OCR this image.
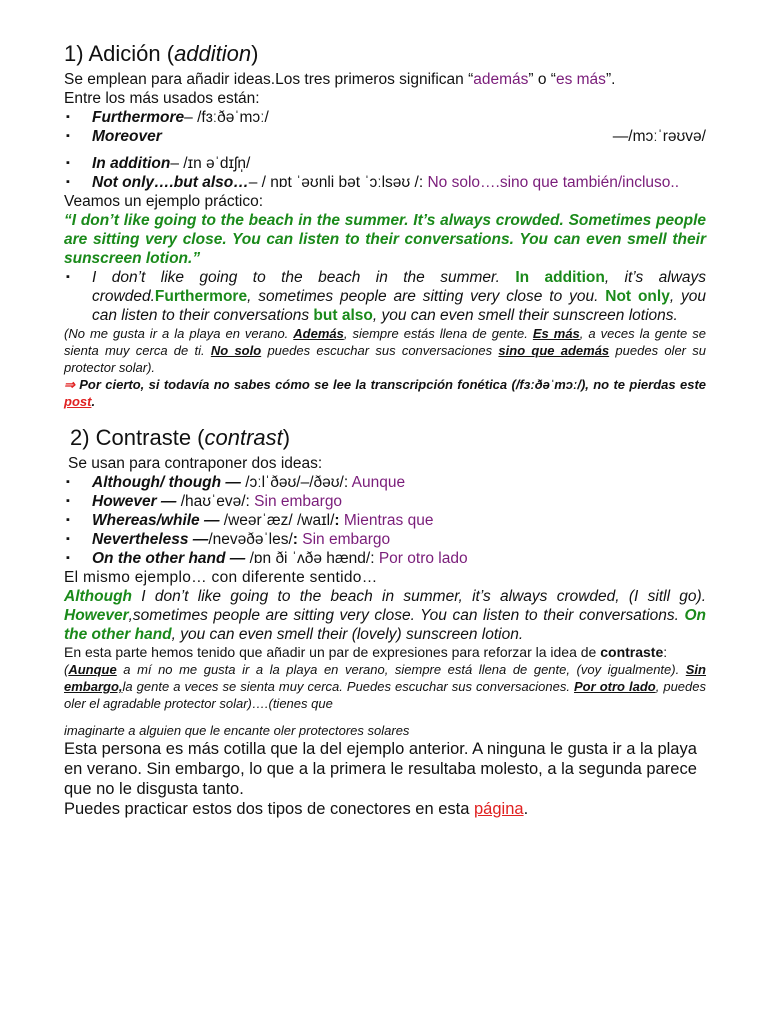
1) Adición (addition)

Se emplean para añadir ideas.Los tres primeros significan “además” o “es más”.

Entre los más usados están:

▪ Furthermore– /fɜːðəˈmɔː/
▪ Moreover	—/mɔːˈrəʊvə/
▪ In addition– /ɪn əˈdɪʃn̩/
▪ Not only….but also…– / nɒt ˈəʊnli bət ˈɔːlsəʊ /: No solo….sino que también/incluso..

Veamos un ejemplo práctico:

“I don’t like going to the beach in the summer. It’s always crowded. Sometimes people are sitting very close. You can listen to their conversations. You can even smell their sunscreen lotion.”

▪ I don’t like going to the beach in the summer. In addition, it’s always crowded.Furthermore, sometimes people are sitting very close to you. Not only, you can listen to their conversations but also, you can even smell their sunscreen lotions.

(No me gusta ir a la playa en verano. Además, siempre estás llena de gente. Es más, a veces la gente se sienta muy cerca de ti. No solo puedes escuchar sus conversaciones sino que además puedes oler su protector solar).

⇒ Por cierto, si todavía no sabes cómo se lee la transcripción fonética (/fɜːðəˈmɔː/), no te pierdas este post.

2) Contraste (contrast)

Se usan para contraponer dos ideas:

▪ Although/ though — /ɔːlˈðəʊ/–/ðəʊ/: Aunque
▪ However — /haʊˈevə/: Sin embargo
▪ Whereas/while — /weərˈæz/ /waɪl/: Mientras que
▪ Nevertheless —/nevəðəˈles/: Sin embargo
▪ On the other hand — /ɒn ði ˈʌðə hænd/: Por otro lado

El mismo ejemplo… con diferente sentido…

Although I don’t like going to the beach in summer, it’s always crowded, (I sitll go). However,sometimes people are sitting very close. You can listen to their conversations. On the other hand, you can even smell their (lovely) sunscreen lotion.

En esta parte hemos tenido que añadir un par de expresiones para reforzar la idea de contraste:

(Aunque a mí no me gusta ir a la playa en verano, siempre está llena de gente, (voy igualmente). Sin embargo,la gente a veces se sienta muy cerca. Puedes escuchar sus conversaciones. Por otro lado, puedes oler el agradable protector solar)….(tienes que

imaginarte a alguien que le encante oler protectores solares

Esta persona es más cotilla que la del ejemplo anterior. A ninguna le gusta ir a la playa en verano. Sin embargo, lo que a la primera le resultaba molesto, a la segunda parece que no le disgusta tanto.

Puedes practicar estos dos tipos de conectores en esta página.
